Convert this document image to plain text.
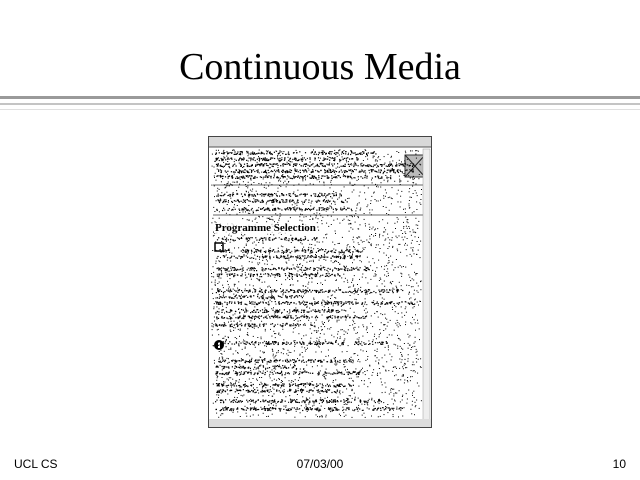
Continuous Media
Programme Selection
UCL CS	07/03/00	10
